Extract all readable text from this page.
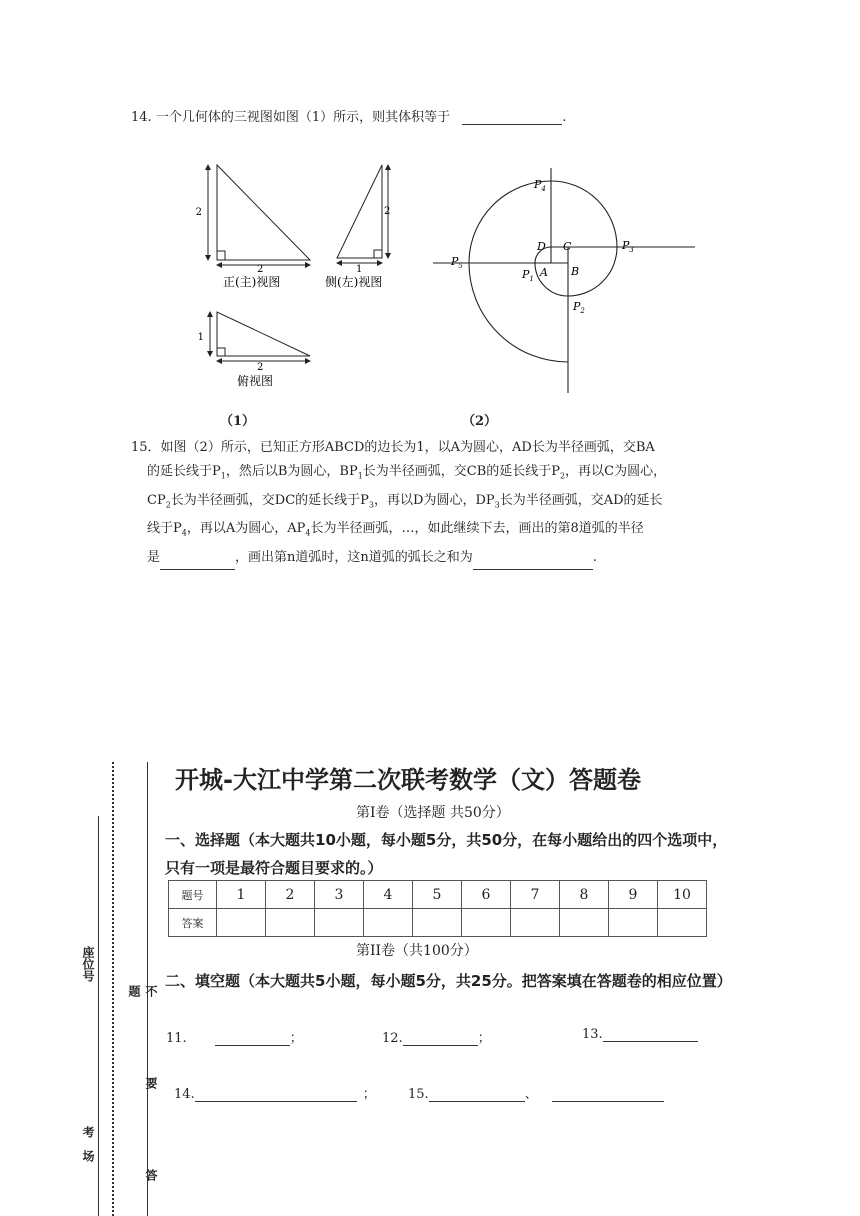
14. 一个几何体的三视图如图（1）所示，则其体积等于	.
2
2
正(主)视图
1
2
俯视图
2
1
侧(左)视图
A B
C
D
$P_1$
$P_2$
$P_3$
$P_4$
$P_5$
（1）	（2）
15．如图（2）所示，已知正方形ABCD的边长为1，以A为圆心，AD长为半径画弧，交BA
的延长线于$P_1$，然后以B为圆心，$BP_1$长为半径画弧，交CB的延长线于$P_2$，再以C为圆心，
$CP_2$长为半径画弧，交DC的延长线于$P_3$，再以D为圆心，$DP_3$长为半径画弧，交AD的延长
线于$P_4$，再以A为圆心，$AP_4$长为半径画弧，…，如此继续下去，画出的第8道弧的半径
是	，画出第n道弧时，这n道弧的弧长之和为	.
开城-大江中学第二次联考数学（文）答题卷
第I卷（选择题 共50分）
一、选择题（本大题共10小题，每小题5分，共50分，在每小题给出的四个选项中，只有一项是最符合题目要求的。）
题号	1	2	3	4	5	6	7	8	9	10
答案										
第II卷（共100分）
二、填空题（本大题共5小题，每小题5分，共25分。把答案填在答题卷的相应位置）
11.	；	12.	；	13.
14.	； 15.	、
座位号
考　场
不　要　答　题
